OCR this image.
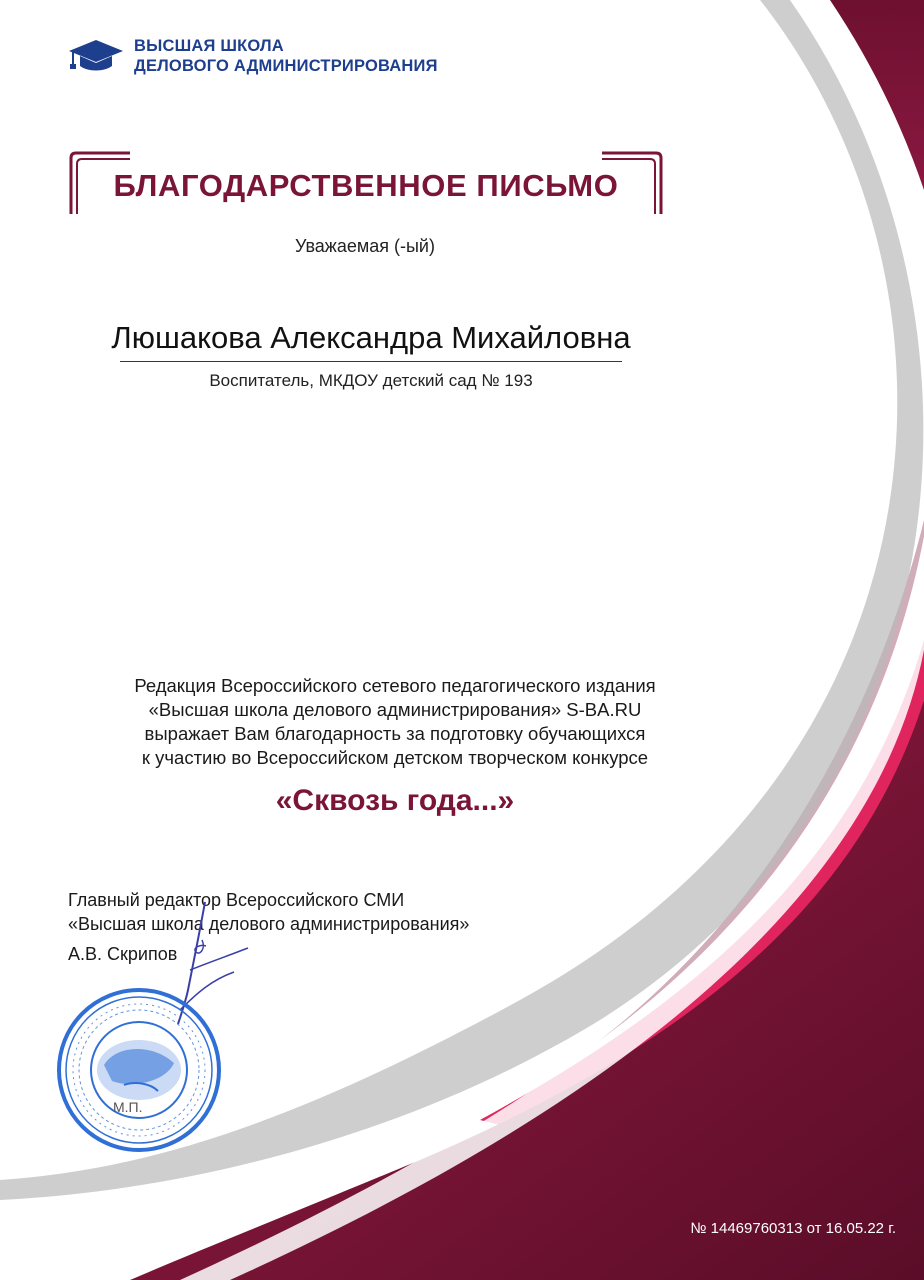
ВЫСШАЯ ШКОЛА
ДЕЛОВОГО АДМИНИСТРИРОВАНИЯ
БЛАГОДАРСТВЕННОЕ ПИСЬМО
Уважаемая (-ый)
Люшакова Александра Михайловна
Воспитатель, МКДОУ детский сад № 193
Редакция Всероссийского сетевого педагогического издания
«Высшая школа делового администрирования» S-BA.RU
выражает Вам благодарность за подготовку обучающихся
к участию во Всероссийском детском творческом конкурсе
«Сквозь года...»
Главный редактор Всероссийского СМИ
«Высшая школа делового администрирования»
А.В. Скрипов
М.П.
№ 14469760313 от 16.05.22 г.
